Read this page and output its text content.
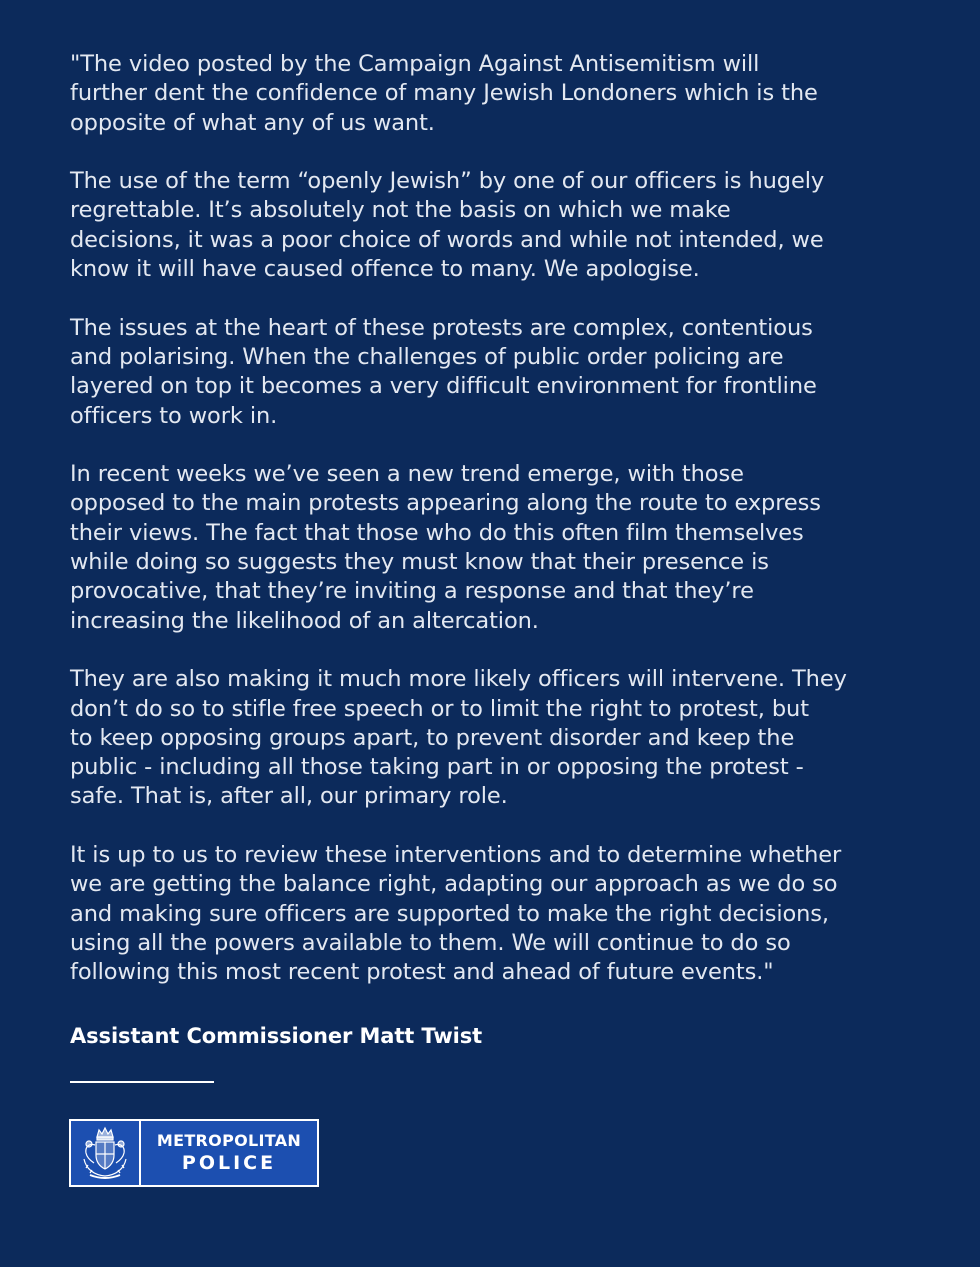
"The video posted by the Campaign Against Antisemitism will
further dent the confidence of many Jewish Londoners which is the
opposite of what any of us want.

The use of the term “openly Jewish” by one of our officers is hugely
regrettable. It’s absolutely not the basis on which we make
decisions, it was a poor choice of words and while not intended, we
know it will have caused offence to many. We apologise.

The issues at the heart of these protests are complex, contentious
and polarising. When the challenges of public order policing are
layered on top it becomes a very difficult environment for frontline
officers to work in.

In recent weeks we’ve seen a new trend emerge, with those
opposed to the main protests appearing along the route to express
their views. The fact that those who do this often film themselves
while doing so suggests they must know that their presence is
provocative, that they’re inviting a response and that they’re
increasing the likelihood of an altercation.

They are also making it much more likely officers will intervene. They
don’t do so to stifle free speech or to limit the right to protest, but
to keep opposing groups apart, to prevent disorder and keep the
public - including all those taking part in or opposing the protest -
safe. That is, after all, our primary role.

It is up to us to review these interventions and to determine whether
we are getting the balance right, adapting our approach as we do so
and making sure officers are supported to make the right decisions,
using all the powers available to them. We will continue to do so
following this most recent protest and ahead of future events."

Assistant Commissioner Matt Twist
METROPOLITAN
POLICE
